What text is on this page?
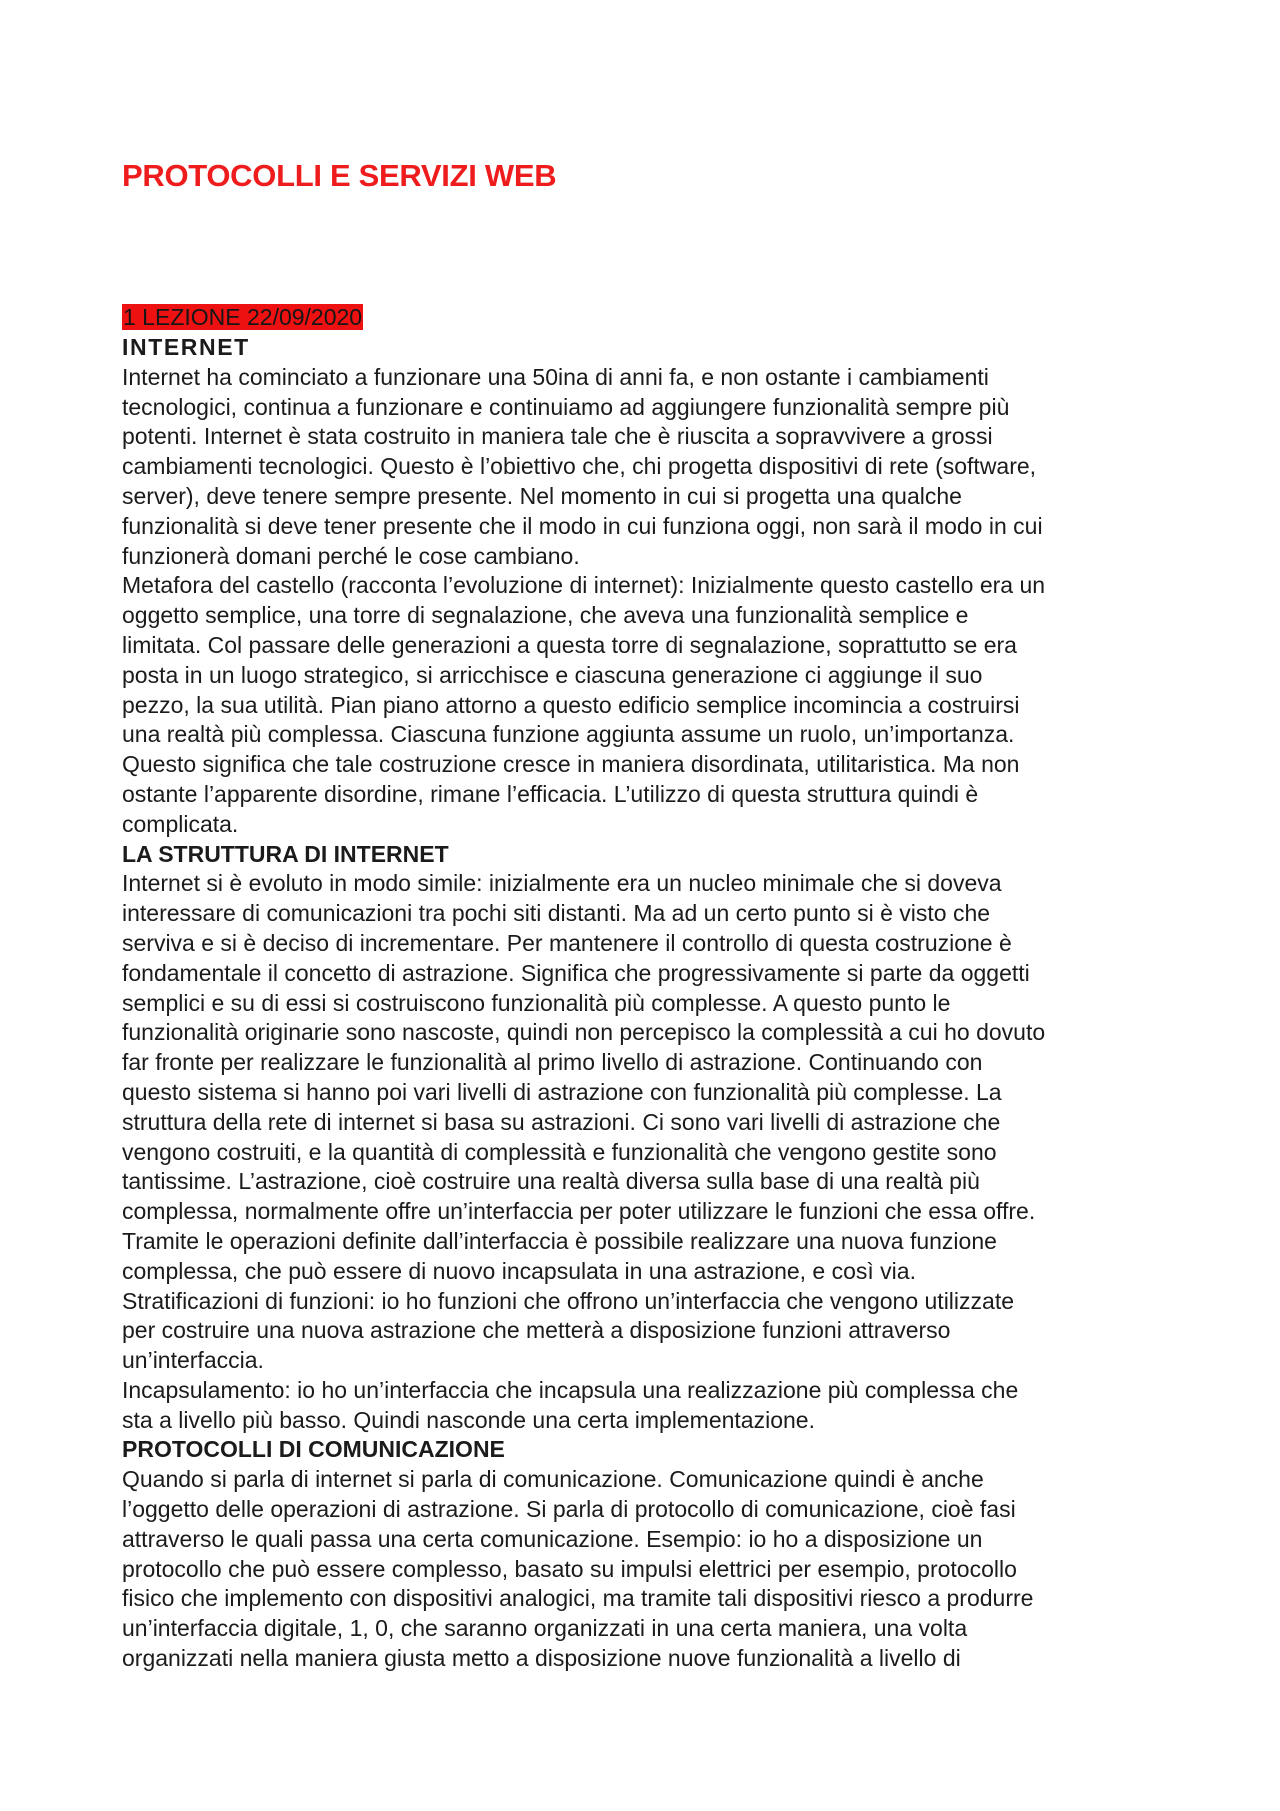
PROTOCOLLI E SERVIZI WEB

1 LEZIONE 22/09/2020

INTERNET

Internet ha cominciato a funzionare una 50ina di anni fa, e non ostante i cambiamenti
tecnologici, continua a funzionare e continuiamo ad aggiungere funzionalità sempre più
potenti. Internet è stata costruito in maniera tale che è riuscita a sopravvivere a grossi
cambiamenti tecnologici. Questo è l’obiettivo che, chi progetta dispositivi di rete (software,
server), deve tenere sempre presente. Nel momento in cui si progetta una qualche
funzionalità si deve tener presente che il modo in cui funziona oggi, non sarà il modo in cui
funzionerà domani perché le cose cambiano.

Metafora del castello (racconta l’evoluzione di internet): Inizialmente questo castello era un
oggetto semplice, una torre di segnalazione, che aveva una funzionalità semplice e
limitata. Col passare delle generazioni a questa torre di segnalazione, soprattutto se era
posta in un luogo strategico, si arricchisce e ciascuna generazione ci aggiunge il suo
pezzo, la sua utilità. Pian piano attorno a questo edificio semplice incomincia a costruirsi
una realtà più complessa. Ciascuna funzione aggiunta assume un ruolo, un’importanza.
Questo significa che tale costruzione cresce in maniera disordinata, utilitaristica. Ma non
ostante l’apparente disordine, rimane l’efficacia. L’utilizzo di questa struttura quindi è
complicata.

LA STRUTTURA DI INTERNET

Internet si è evoluto in modo simile: inizialmente era un nucleo minimale che si doveva
interessare di comunicazioni tra pochi siti distanti. Ma ad un certo punto si è visto che
serviva e si è deciso di incrementare. Per mantenere il controllo di questa costruzione è
fondamentale il concetto di astrazione. Significa che progressivamente si parte da oggetti
semplici e su di essi si costruiscono funzionalità più complesse. A questo punto le
funzionalità originarie sono nascoste, quindi non percepisco la complessità a cui ho dovuto
far fronte per realizzare le funzionalità al primo livello di astrazione. Continuando con
questo sistema si hanno poi vari livelli di astrazione con funzionalità più complesse. La
struttura della rete di internet si basa su astrazioni. Ci sono vari livelli di astrazione che
vengono costruiti, e la quantità di complessità e funzionalità che vengono gestite sono
tantissime. L’astrazione, cioè costruire una realtà diversa sulla base di una realtà più
complessa, normalmente offre un’interfaccia per poter utilizzare le funzioni che essa offre.
Tramite le operazioni definite dall’interfaccia è possibile realizzare una nuova funzione
complessa, che può essere di nuovo incapsulata in una astrazione, e così via.

Stratificazioni di funzioni: io ho funzioni che offrono un’interfaccia che vengono utilizzate
per costruire una nuova astrazione che metterà a disposizione funzioni attraverso
un’interfaccia.

Incapsulamento: io ho un’interfaccia che incapsula una realizzazione più complessa che
sta a livello più basso. Quindi nasconde una certa implementazione.

PROTOCOLLI DI COMUNICAZIONE

Quando si parla di internet si parla di comunicazione. Comunicazione quindi è anche
l’oggetto delle operazioni di astrazione. Si parla di protocollo di comunicazione, cioè fasi
attraverso le quali passa una certa comunicazione. Esempio: io ho a disposizione un
protocollo che può essere complesso, basato su impulsi elettrici per esempio, protocollo
fisico che implemento con dispositivi analogici, ma tramite tali dispositivi riesco a produrre
un’interfaccia digitale, 1, 0, che saranno organizzati in una certa maniera, una volta
organizzati nella maniera giusta metto a disposizione nuove funzionalità a livello di
